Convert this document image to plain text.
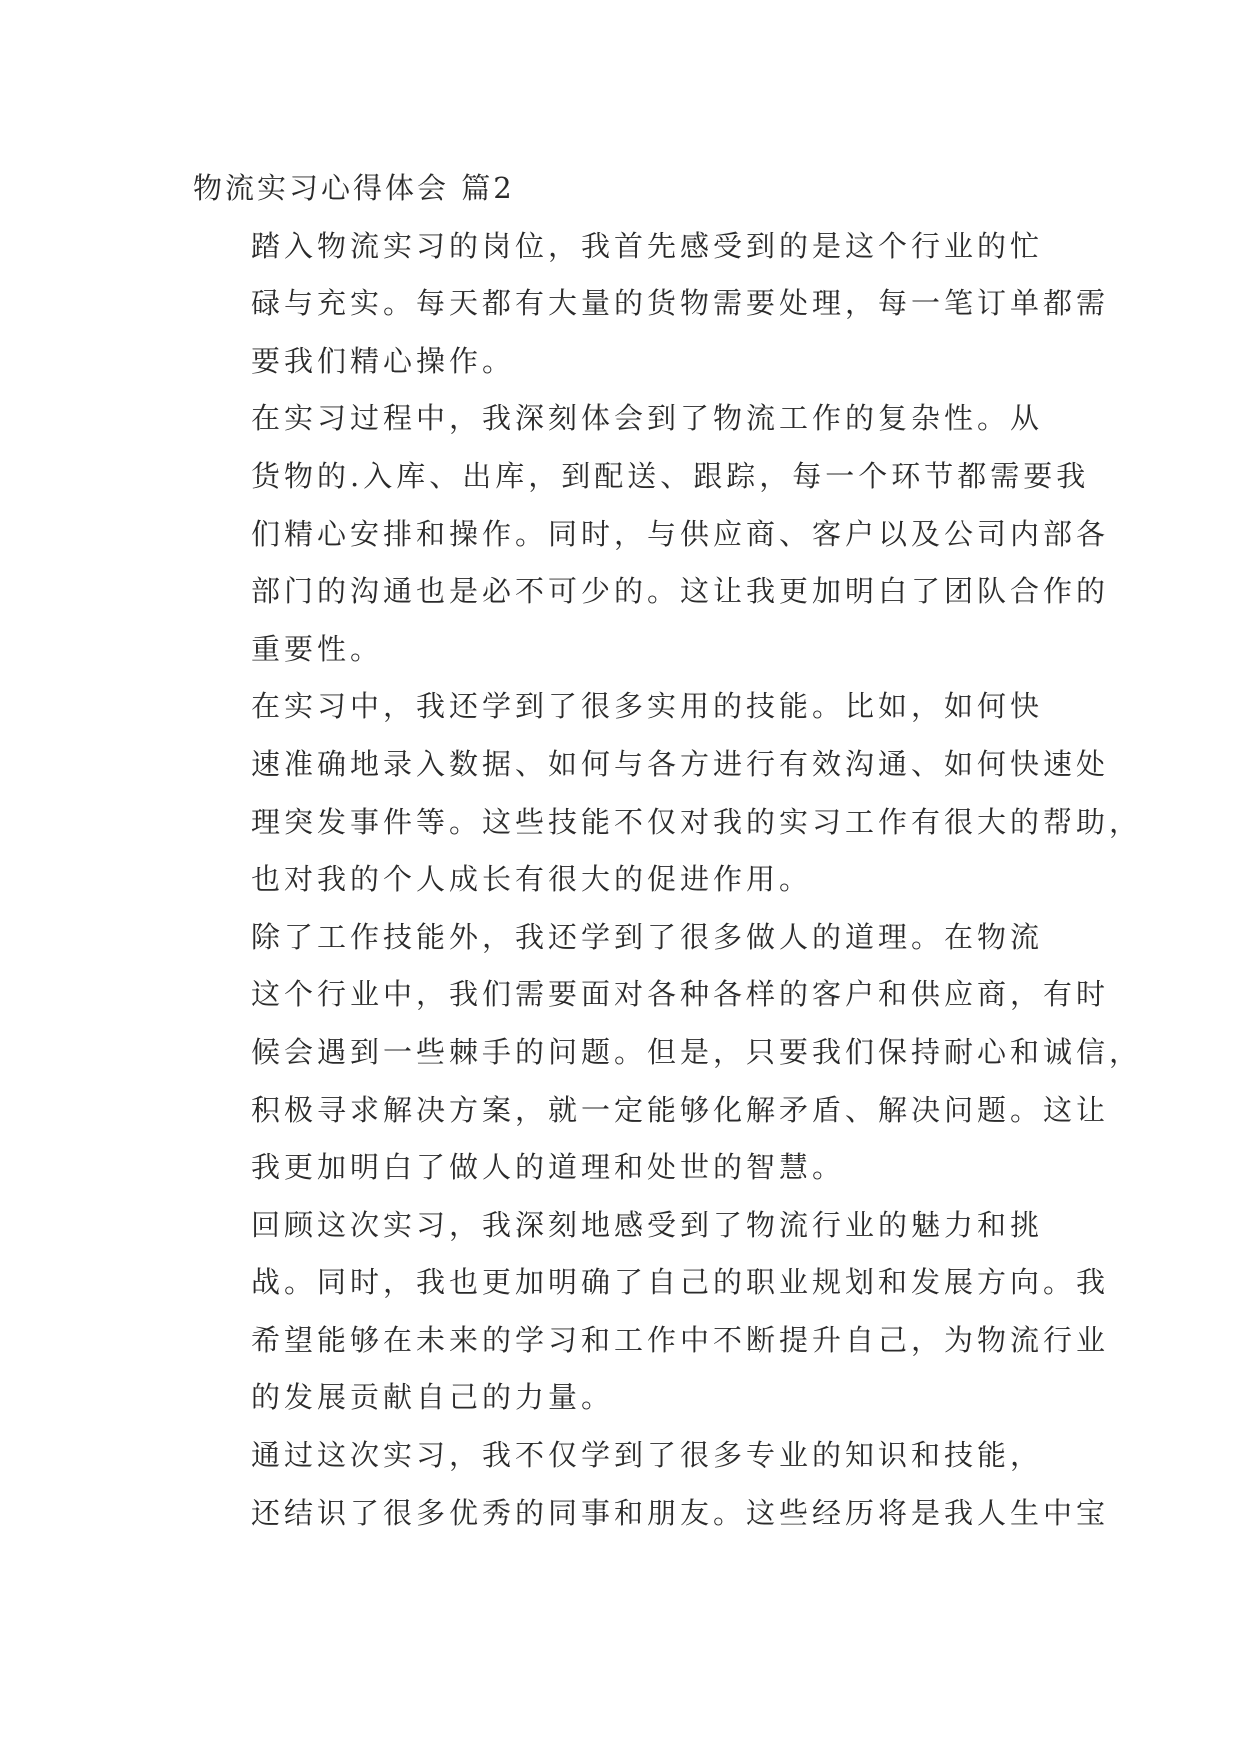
物流实习心得体会 篇2

踏入物流实习的岗位，我首先感受到的是这个行业的忙
碌与充实。每天都有大量的货物需要处理，每一笔订单都需
要我们精心操作。

在实习过程中，我深刻体会到了物流工作的复杂性。从
货物的.入库、出库，到配送、跟踪，每一个环节都需要我
们精心安排和操作。同时，与供应商、客户以及公司内部各
部门的沟通也是必不可少的。这让我更加明白了团队合作的
重要性。

在实习中，我还学到了很多实用的技能。比如，如何快
速准确地录入数据、如何与各方进行有效沟通、如何快速处
理突发事件等。这些技能不仅对我的实习工作有很大的帮助，
也对我的个人成长有很大的促进作用。

除了工作技能外，我还学到了很多做人的道理。在物流
这个行业中，我们需要面对各种各样的客户和供应商，有时
候会遇到一些棘手的问题。但是，只要我们保持耐心和诚信，
积极寻求解决方案，就一定能够化解矛盾、解决问题。这让
我更加明白了做人的道理和处世的智慧。

回顾这次实习，我深刻地感受到了物流行业的魅力和挑
战。同时，我也更加明确了自己的职业规划和发展方向。我
希望能够在未来的学习和工作中不断提升自己，为物流行业
的发展贡献自己的力量。

通过这次实习，我不仅学到了很多专业的知识和技能，
还结识了很多优秀的同事和朋友。这些经历将是我人生中宝
